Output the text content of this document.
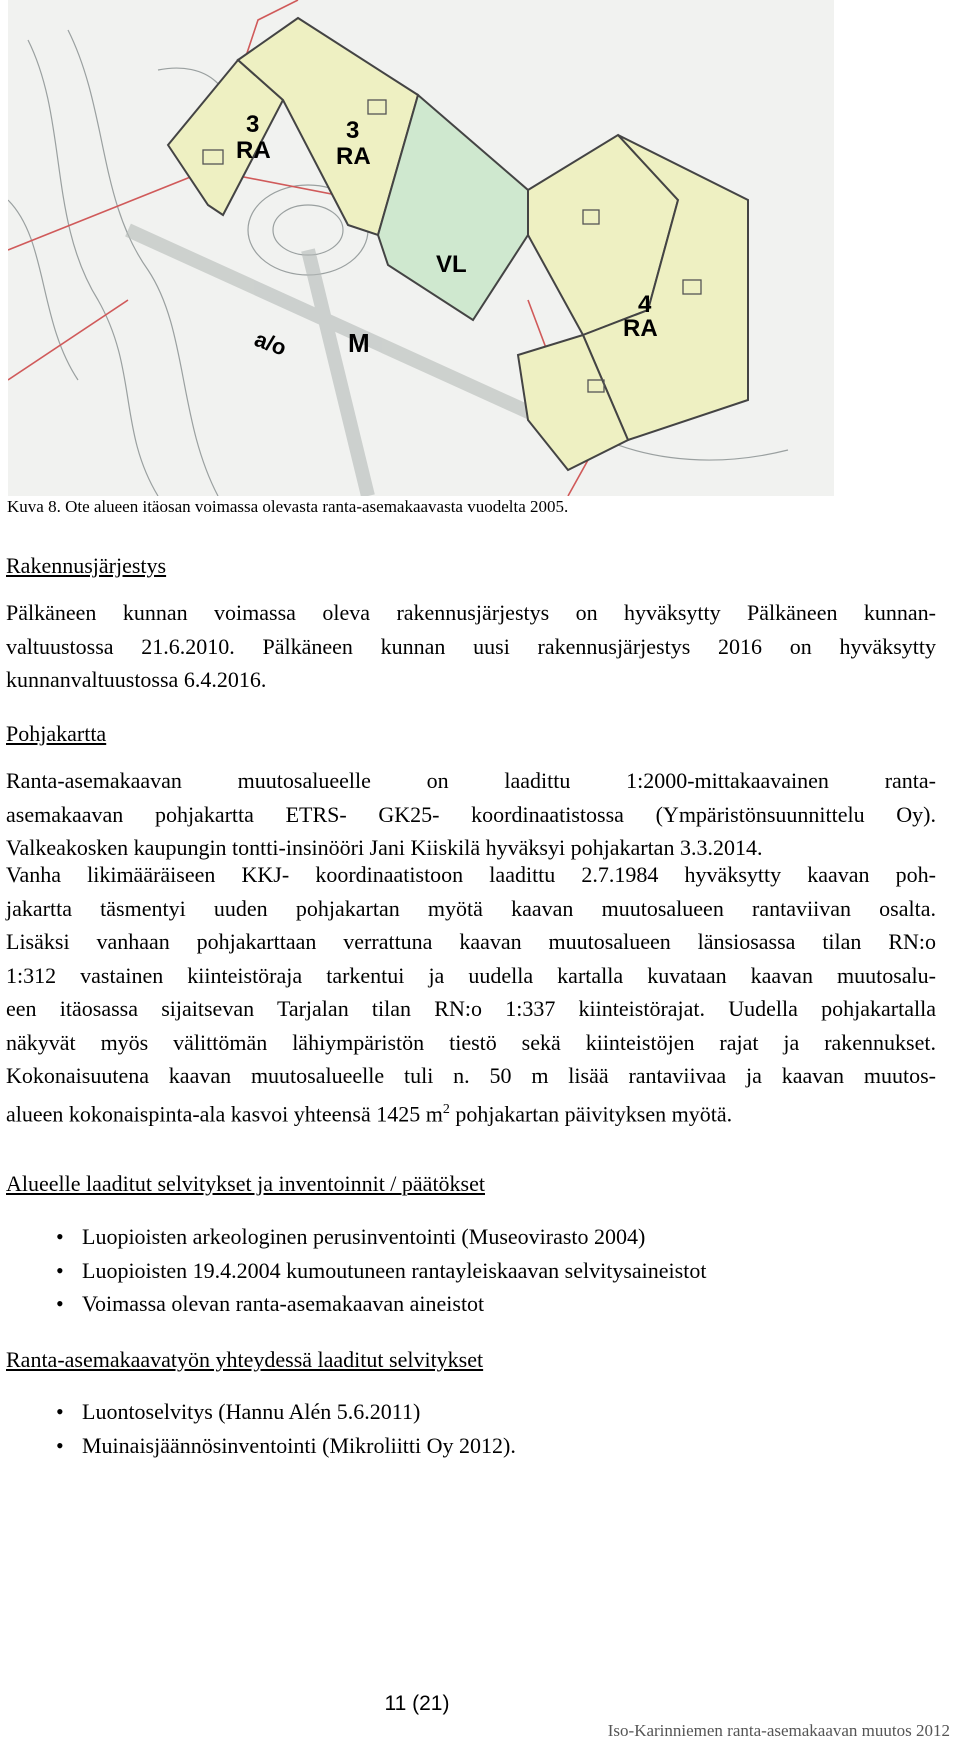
3
RA
3
RA
VL
M
a/o
4
RA
Kuva 8. Ote alueen itäosan voimassa olevasta ranta-asemakaavasta vuodelta 2005.
Rakennusjärjestys
Pälkäneen kunnan voimassa oleva rakennusjärjestys on hyväksytty Pälkäneen kunnan-
valtuustossa 21.6.2010. Pälkäneen kunnan uusi rakennusjärjestys 2016 on hyväksytty
kunnanvaltuustossa 6.4.2016.
Pohjakartta
Ranta-asemakaavan muutosalueelle on laadittu 1:2000-mittakaavainen ranta-
asemakaavan pohjakartta ETRS- GK25- koordinaatistossa (Ympäristönsuunnittelu Oy).
Valkeakosken kaupungin tontti-insinööri Jani Kiiskilä hyväksyi pohjakartan 3.3.2014.
Vanha likimääräiseen KKJ- koordinaatistoon laadittu 2.7.1984 hyväksytty kaavan poh-
jakartta täsmentyi uuden pohjakartan myötä kaavan muutosalueen rantaviivan osalta.
Lisäksi vanhaan pohjakarttaan verrattuna kaavan muutosalueen länsiosassa tilan RN:o
1:312 vastainen kiinteistöraja tarkentui ja uudella kartalla kuvataan kaavan muutosalu-
een itäosassa sijaitsevan Tarjalan tilan RN:o 1:337 kiinteistörajat. Uudella pohjakartalla
näkyvät myös välittömän lähiympäristön tiestö sekä kiinteistöjen rajat ja rakennukset.
Kokonaisuutena kaavan muutosalueelle tuli n. 50 m lisää rantaviivaa ja kaavan muutos-
alueen kokonaispinta-ala kasvoi yhteensä 1425 $m^2$ pohjakartan päivityksen myötä.
Alueelle laaditut selvitykset ja inventoinnit / päätökset
• Luopioisten arkeologinen perusinventointi (Museovirasto 2004)
• Luopioisten 19.4.2004 kumoutuneen rantayleiskaavan selvitysaineistot
• Voimassa olevan ranta-asemakaavan aineistot
Ranta-asemakaavatyön yhteydessä laaditut selvitykset
• Luontoselvitys (Hannu Alén 5.6.2011)
• Muinaisjäännösinventointi (Mikroliitti Oy 2012).
11 (21)
Iso-Karinniemen ranta-asemakaavan muutos 2012
